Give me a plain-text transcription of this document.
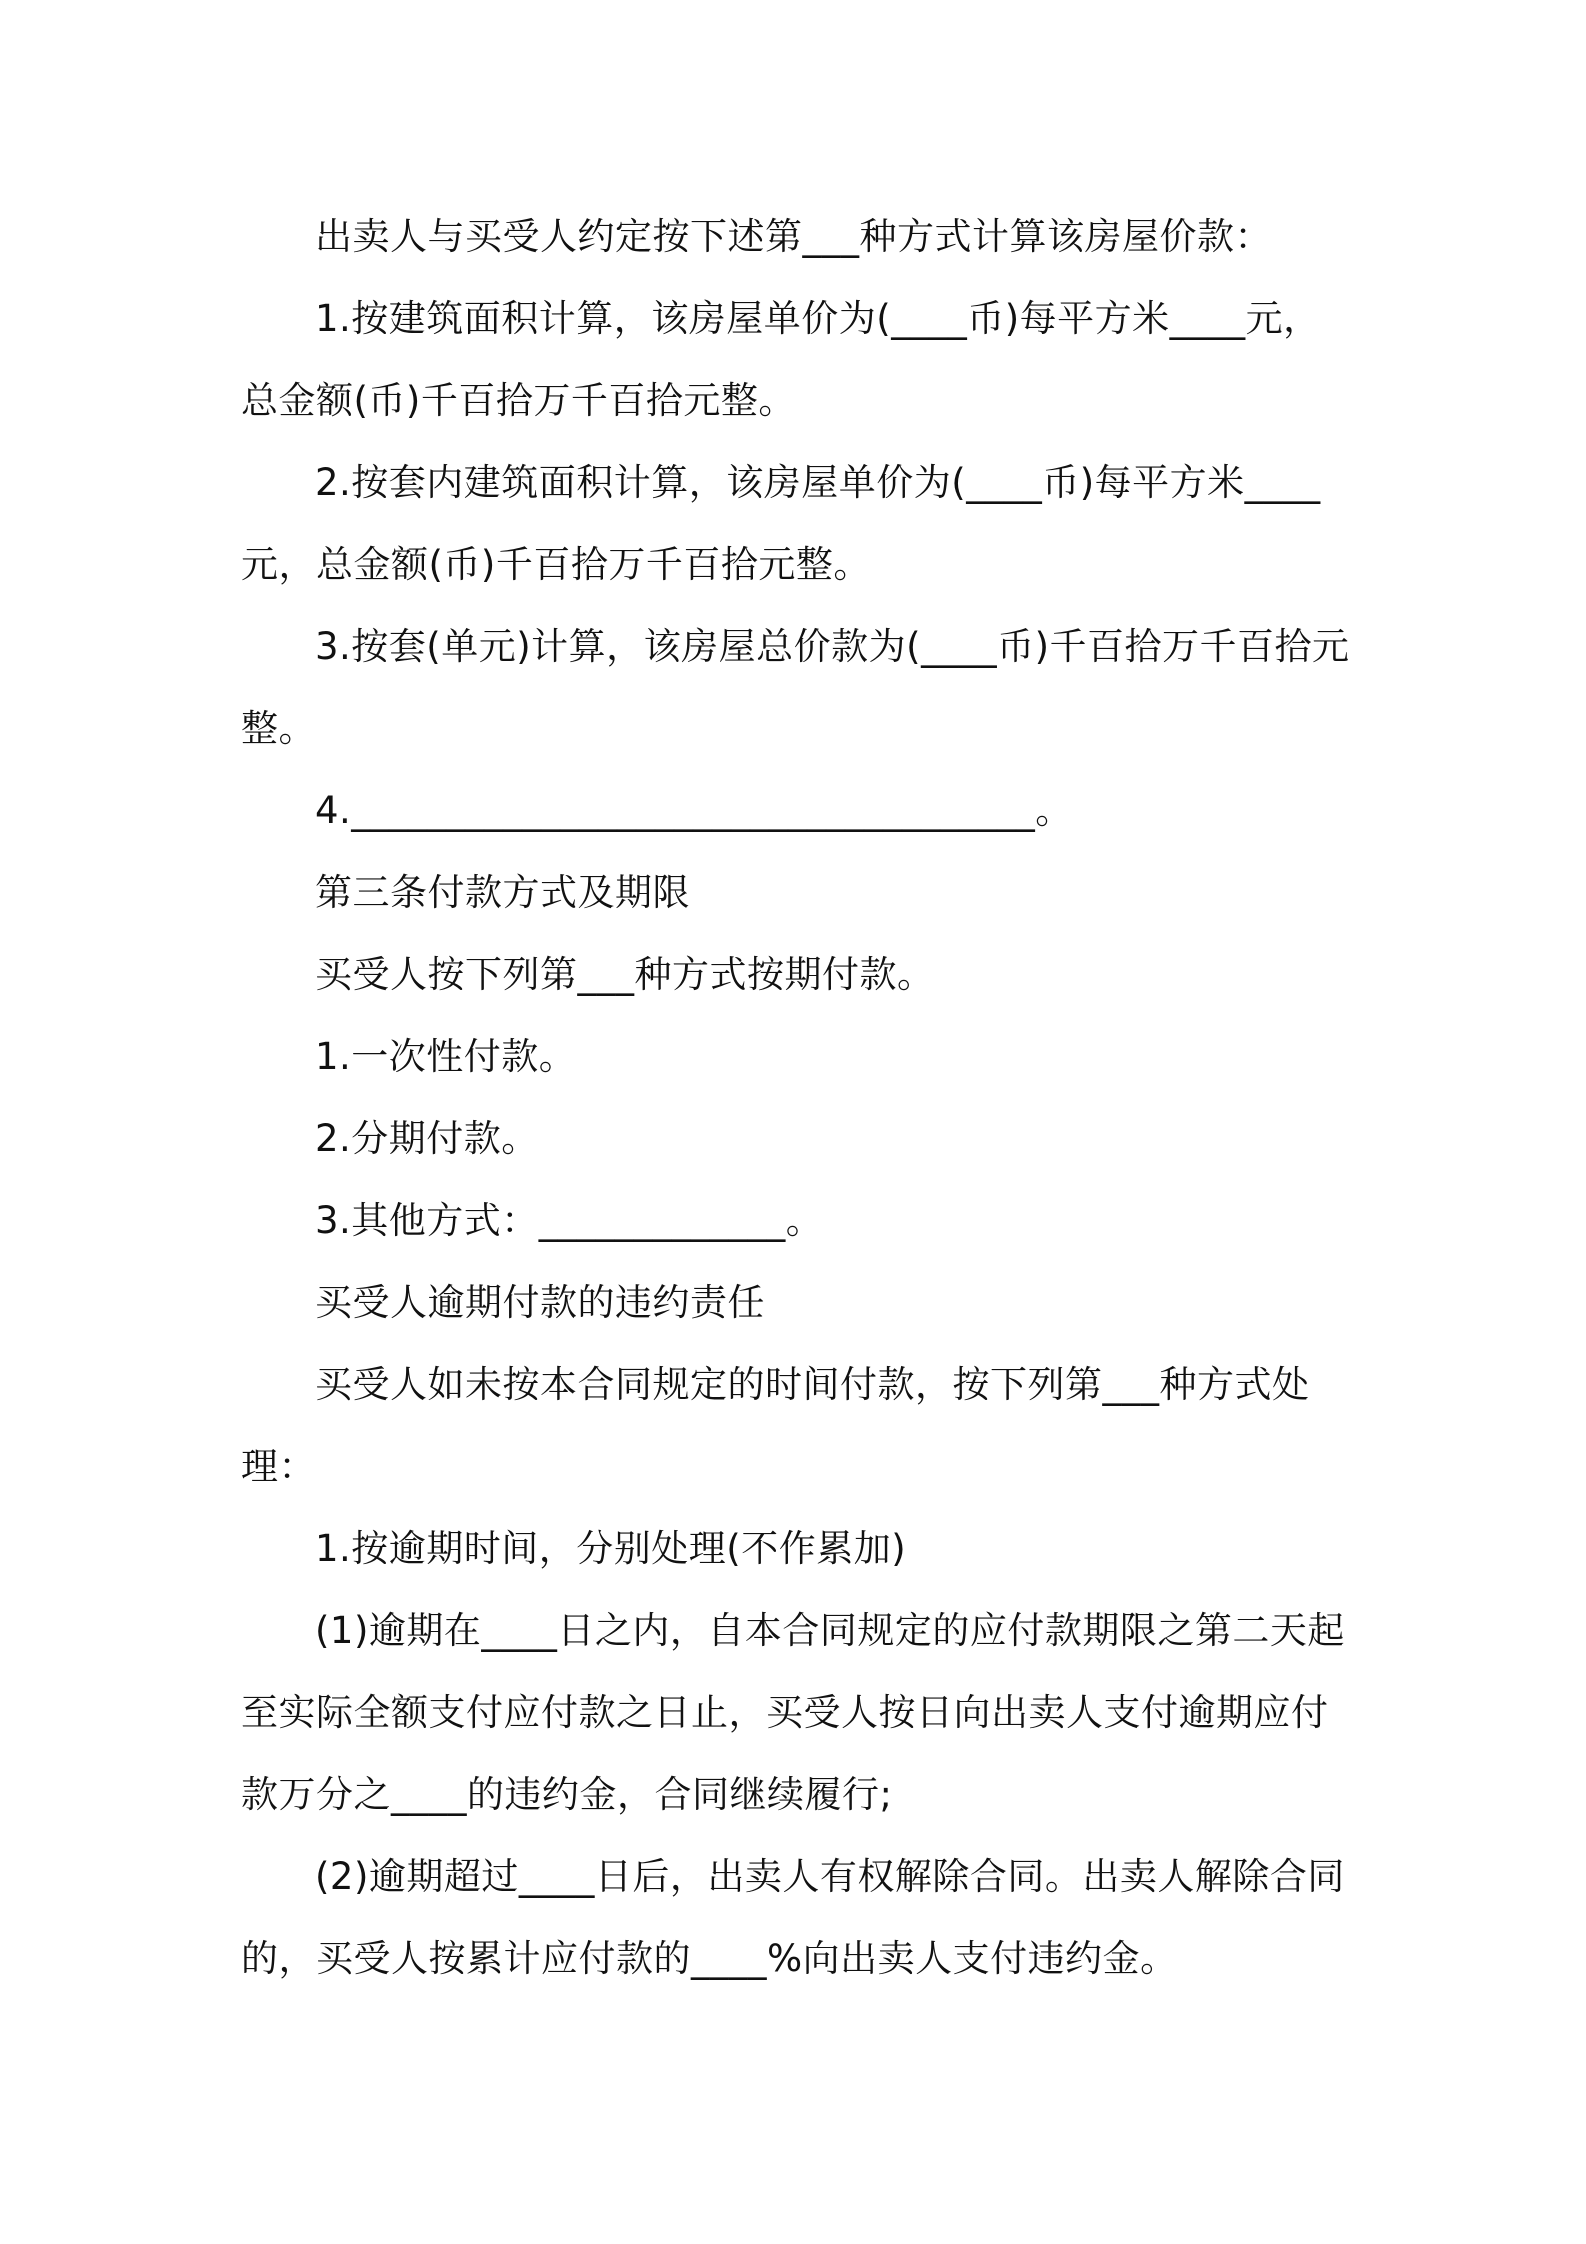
出卖人与买受人约定按下述第___种方式计算该房屋价款：

1.按建筑面积计算，该房屋单价为(____币)每平方米____元，总金额(币)千百拾万千百拾元整。

2.按套内建筑面积计算，该房屋单价为(____币)每平方米____元，总金额(币)千百拾万千百拾元整。

3.按套(单元)计算，该房屋总价款为(____币)千百拾万千百拾元整。

4.____________________________________。

第三条付款方式及期限

买受人按下列第___种方式按期付款。

1.一次性付款。

2.分期付款。

3.其他方式：_____________。

买受人逾期付款的违约责任

买受人如未按本合同规定的时间付款，按下列第___种方式处理：

1.按逾期时间，分别处理(不作累加)

(1)逾期在____日之内，自本合同规定的应付款期限之第二天起至实际全额支付应付款之日止，买受人按日向出卖人支付逾期应付款万分之____的违约金，合同继续履行;

(2)逾期超过____日后，出卖人有权解除合同。出卖人解除合同的，买受人按累计应付款的____%向出卖人支付违约金。
